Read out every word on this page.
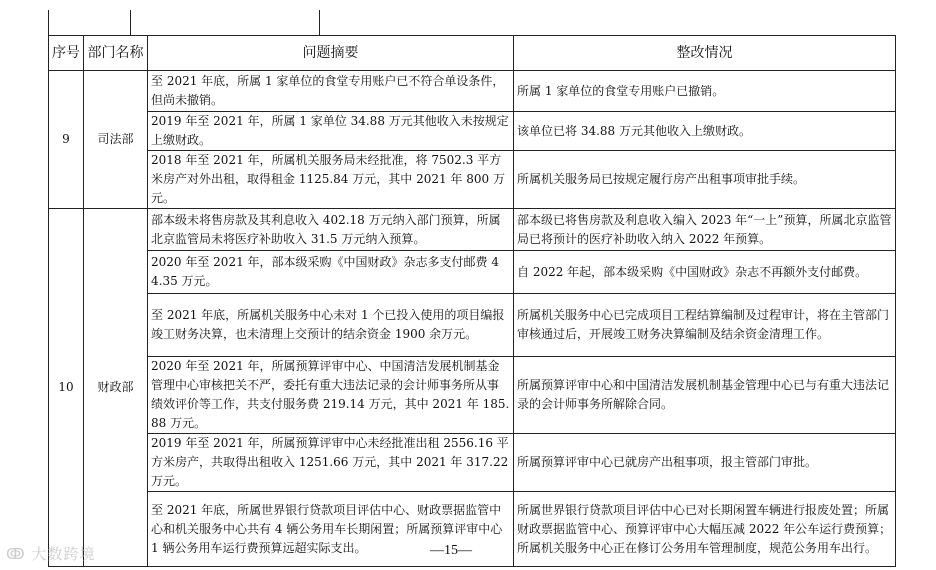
序号	部门名称	问题摘要	整改情况
9	司法部	至 2021 年底，所属 1 家单位的食堂专用账户已不符合单设条件，但尚未撤销。	所属 1 家单位的食堂专用账户已撤销。
		2019 年至 2021 年，所属 1 家单位 34.88 万元其他收入未按规定上缴财政。	该单位已将 34.88 万元其他收入上缴财政。
		2018 年至 2021 年，所属机关服务局未经批准，将 7502.3 平方米房产对外出租，取得租金 1125.84 万元，其中 2021 年 800 万元。	所属机关服务局已按规定履行房产出租事项审批手续。
10	财政部	部本级未将售房款及其利息收入 402.18 万元纳入部门预算，所属北京监管局未将医疗补助收入 31.5 万元纳入预算。	部本级已将售房款及利息收入编入 2023 年“一上”预算，所属北京监管局已将预计的医疗补助收入纳入 2022 年预算。
		2020 年至 2021 年，部本级采购《中国财政》杂志多支付邮费 44.35 万元。	自 2022 年起，部本级采购《中国财政》杂志不再额外支付邮费。
		至 2021 年底，所属机关服务中心未对 1 个已投入使用的项目编报竣工财务决算，也未清理上交预计的结余资金 1900 余万元。	所属机关服务中心已完成项目工程结算编制及过程审计，将在主管部门审核通过后，开展竣工财务决算编制及结余资金清理工作。
		2020 年至 2021 年，所属预算评审中心、中国清洁发展机制基金管理中心审核把关不严，委托有重大违法记录的会计师事务所从事绩效评价等工作，共支付服务费 219.14 万元，其中 2021 年 185.88 万元。	所属预算评审中心和中国清洁发展机制基金管理中心已与有重大违法记录的会计师事务所解除合同。
		2019 年至 2021 年，所属预算评审中心未经批准出租 2556.16 平方米房产，共取得出租收入 1251.66 万元，其中 2021 年 317.22 万元。	所属预算评审中心已就房产出租事项，报主管部门审批。
		至 2021 年底，所属世界银行贷款项目评估中心、财政票据监管中心和机关服务中心共有 4 辆公务用车长期闲置；所属预算评审中心 1 辆公务用车运行费预算远超实际支出。	所属世界银行贷款项目评估中心已对长期闲置车辆进行报废处置；所属财政票据监管中心、预算评审中心大幅压减 2022 年公车运行费预算；所属机关服务中心正在修订公务用车管理制度，规范公务用车出行。
ↂ 大数跨境	—15—
